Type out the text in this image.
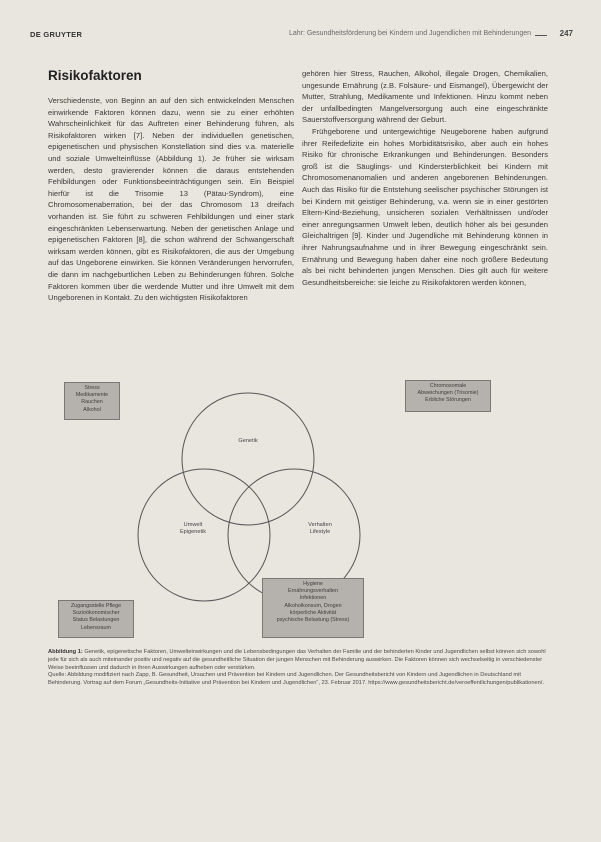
DE GRUYTER	Lahr: Gesundheitsförderung bei Kindern und Jugendlichen mit Behinderungen	247
Risikofaktoren

Verschiedenste, von Beginn an auf den sich entwickelnden Menschen einwirkende Faktoren können dazu, wenn sie zu einer erhöhten Wahrscheinlichkeit für das Auftreten einer Behinderung führen, als Risikofaktoren wirken [7]. Neben der individuellen genetischen, epigenetischen und physischen Konstellation sind dies v.a. materielle und soziale Umwelteinflüsse (Abbildung 1). Je früher sie wirksam werden, desto gravierender können die daraus entstehenden Fehlbildungen oder Funktionsbeeinträchtigungen sein. Ein Beispiel hierfür ist die Trisomie 13 (Pätau-Syndrom), eine Chromosomenaberration, bei der das Chromosom 13 dreifach vorhanden ist. Sie führt zu schweren Fehlbildungen und einer stark eingeschränkten Lebenserwartung. Neben der genetischen Anlage und epigenetischen Faktoren [8], die schon während der Schwangerschaft wirksam werden können, gibt es Risikofaktoren, die aus der Umgebung auf das Ungeborene einwirken. Sie können Veränderungen hervorrufen, die dann im nachgeburtlichen Leben zu Behinderungen führen. Solche Faktoren kommen über die werdende Mutter und ihre Umwelt mit dem Ungeborenen in Kontakt. Zu den wichtigsten Risikofaktoren

gehören hier Stress, Rauchen, Alkohol, illegale Drogen, Chemikalien, ungesunde Ernährung (z.B. Folsäure- und Eismangel), Übergewicht der Mutter, Strahlung, Medikamente und Infektionen. Hinzu kommt neben der unfallbedingten Mangelversorgung auch eine eingeschränkte Sauerstoffversorgung während der Geburt.

Frühgeborene und untergewichtige Neugeborene haben aufgrund ihrer Reifedefizite ein hohes Morbiditätsrisiko, aber auch ein hohes Risiko für chronische Erkrankungen und Behinderungen. Besonders groß ist die Säuglings- und Kindersterblichkeit bei Kindern mit Chromosomenanomalien und anderen angeborenen Behinderungen. Auch das Risiko für die Entstehung seelischer psychischer Störungen ist bei Kindern mit geistiger Behinderung, v.a. wenn sie in einer gestörten Eltern-Kind-Beziehung, unsicheren sozialen Verhältnissen und/oder einer anregungsarmen Umwelt leben, deutlich höher als bei gesunden Gleichaltrigen [9]. Kinder und Jugendliche mit Behinderung können in ihrer Nahrungsaufnahme und in ihrer Bewegung eingeschränkt sein. Ernährung und Bewegung haben daher eine noch größere Bedeutung als bei nicht behinderten jungen Menschen. Dies gilt auch für weitere Gesundheitsbereiche: sie leiche zu Risikofaktoren werden können,

Genetik
Umwelt
Epigenetik
Verhalten
Lifestyle
Stress
Medikamente
Rauchen
Alkohol
Chromosomale
Abweichungen (Trisomie)
Erbliche Störungen
Hygiene
Ernährungsverhalten
Infektionen
Alkoholkonsum, Drogen
körperliche Aktivität
psychische Belastung (Stress)
Zugangsstelle Pflege
Sozioökonomischer
Status Belastungen
Lebensraum

Abbildung 1: Genetik, epigenetische Faktoren, Umwelteinwirkungen und die Lebensbedingungen das Verhalten der Familie und der behinderten Kinder und Jugendlichen selbst können sich sowohl jede für sich als auch miteinander positiv und negativ auf die gesundheitliche Situation der jungen Menschen mit Behinderung auswirken. Die Faktoren können sich wechselseitig in verschiedenster Weise beeinflussen und dadurch in ihren Auswirkungen aufheben oder verstärken.

Quelle: Abbildung modifiziert nach Zapp, B. Gesundheit, Ursachen und Prävention bei Kindern und Jugendlichen. Der Gesundheitsbericht von Kindern und Jugendlichen in Deutschland mit Behinderung. Vortrag auf dem Forum „Gesundheits-Initiative und Prävention bei Kindern und Jugendlichen“, 23. Februar 2017. https://www.gesundheitsbericht.de/veroeffentlichungen/publikationen/.
